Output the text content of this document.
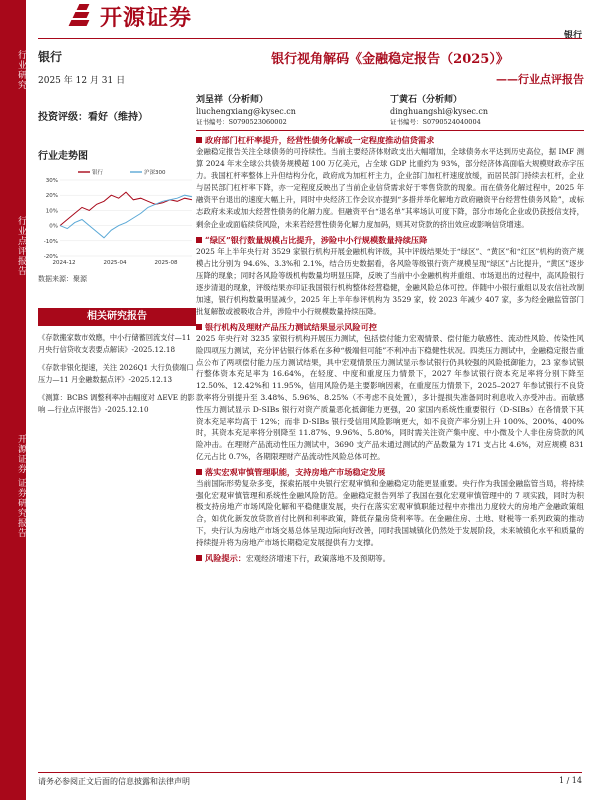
行业研究
行业点评报告
开源证券 证券研究报告
开源证券
银行
银行
2025 年 12 月 31 日
投资评级：看好（维持）
行业走势图
30%
20%
10%
0%
-10%
-20%
2024-12	2025-04	2025-08
银行	沪深300
数据来源：聚源
相关研究报告
《存款搬家数市效應，中小行储蓄回流支付—11 月央行信贷收支表要点解读》-2025.12.18
《存款非银化提速，关注 2026Q1 大行负债端口压力—11 月金融数据点评》-2025.12.13
《测算：BCBS 调整利率冲击幅度对 ΔEVE 的影响 —行业点评报告》-2025.12.10
银行视角解码《金融稳定报告（2025）》
——行业点评报告
刘呈祥（分析师）
liuchengxiang@kysec.cn
证书编号：S0790523060002
丁黄石（分析师）
dinghuangshi@kysec.cn
证书编号：S0790524040004
政府部门杠杆率提升，经营性债务化解或一定程度推动信贷需求
金融稳定报告关注全球债务的可持续性。当前主要经济体财政支出大幅增加，全球债务水平达到历史高位，据 IMF 测算 2024 年末全球公共债务规模超 100 万亿美元，占全球 GDP 比重约为 93%，部分经济体高面临大规模财政赤字压力。我国杠杆率整体上升但结构分化，政府成为加杠杆主力，企业部门加杠杆速度放缓，而居民部门持续去杠杆，企业与居民部门杠杆率下降，亦一定程度反映出了当前企业信贷需求好于零售贷款的现象。而在债务化解过程中，2025 年融资平台退出的速度大幅上升，同时中央经济工作会议亦提到“多措并举化解地方政府融资平台经营性债务风险”，或标志政府未来或加大经营性债务的化解力度。但融资平台“退名单”其率场认可度下降，部分市场化企业或仍获授信支持，剩余企业或面临续贷风险，未来若经营性债务化解力度加码，则其对贷款的挤出效应或影响信贷增速。
“绿区”银行数量规模占比提升，涉险中小行规模数量持续压降
2025 年上半年央行对 3529 家银行机构开展金融机构评级，其中评级结果处于“绿区”、“黄区”和“红区”机构的资产规模占比分别为 94.6%、3.3%和 2.1%，结合历史数据看，各风险等级银行资产规模呈现“绿区”占比提升，“黄区”逐步压降的现象；同时各风险等级机构数量均明显压降，反映了当前中小金融机构并重组、市场退出的过程中，高风险银行逐步清退的现象，评级结果亦印证我国银行机构整体经营稳健，金融风险总体可控。伴随中小银行重组以及农信社改制加速，银行机构数量明显减少，2025 年上半年参评机构为 3529 家，较 2023 年减少 407 家，多为经金融监管部门批复解散或被吸收合并，涉险中小行规模数量持续压降。
银行机构及理财产品压力测试结果显示风险可控
2025 年央行对 3235 家银行机构开展压力测试，包括偿付能力宏观情景、偿付能力敏感性、流动性风险、传染性风险四项压力测试，充分评估银行体系在多种“极端但可能”不利冲击下稳健性状况。四类压力测试中，金融稳定报告重点公布了两项偿付能力压力测试结果，具中宏观情景压力测试显示参试银行仍具较强的风险抵御能力，23 家参试银行整体资本充足率为 16.64%，在轻度、中度和重度压力情景下，2027 年参试银行资本充足率将分别下降至 12.50%、12.42%和 11.95%，信用风险仍是主要影响因素，在重度压力情景下，2025–2027 年参试银行不良贷款率将分别提升至 3.48%、5.96%、8.25%（不考虑不良处置），多计提损失准备同时利息收入亦受冲击。而敏感性压力测试显示 D-SIBs 银行对资产质量恶化抵御能力更强，20 家国内系统性重要银行（D-SIBs）在各情景下其资本充足率均高于 12%；而非 D-SIBs 银行受信用风险影响更大，如不良资产率分别上升 100%、200%、400%时，其资本充足率将分别降至 11.87%、9.96%、5.80%，同时需关注资产集中度、中小微及个人非住房贷款的风险冲击。在理财产品流动性压力测试中，3690 支产品未通过测试的产品数量为 171 支占比 4.6%，对应规模 831 亿元占比 0.7%，各期限理财产品流动性风险总体可控。
落实宏观审慎管理职能，支持房地产市场稳定发展
当前国际形势复杂多变，探索拓展中央银行宏观审慎和金融稳定功能更显重要。央行作为我国金融监管当局，将持续强化宏观审慎管理和系统性金融风险防范。金融稳定报告列举了我国在强化宏观审慎管理中的 7 项实践，同时为积极支持房地产市场风险化解和平稳健康发展，央行在落实宏观审慎职能过程中亦推出力度较大的房地产金融政策组合，如优化新发放贷款首付比例和利率政策，降低存量房贷利率等。在金融住房、土地、财税等一系列政策的推动下，央行认为房地产市场交易总体呈现边际向好改善，同时我国城镇化仍然处于发展阶段，未来城镇化水平和质量的持续提升将为房地产市场长期稳定发展提供有力支撑。
风险提示：宏观经济增速下行，政策落地不及预期等。
请务必参阅正文后面的信息披露和法律声明	1 / 14
